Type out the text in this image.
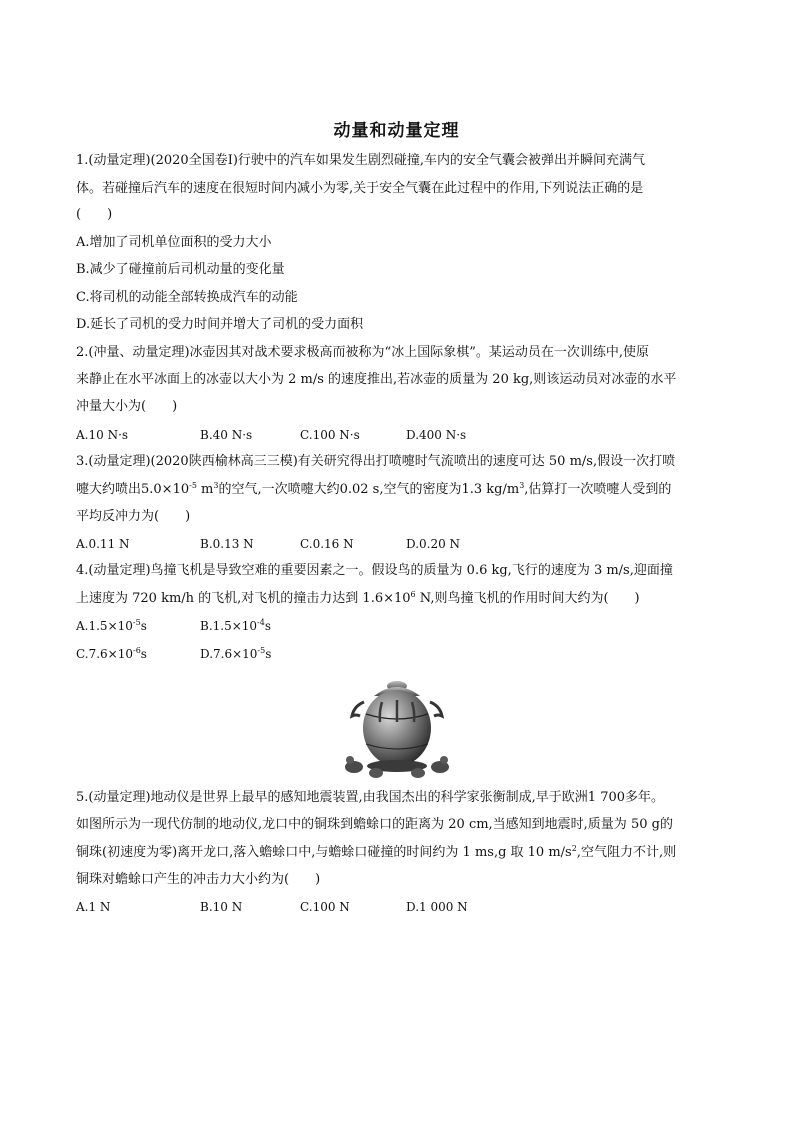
动量和动量定理
1.(动量定理)(2020全国卷Ⅰ)行驶中的汽车如果发生剧烈碰撞,车内的安全气囊会被弹出并瞬间充满气
体。若碰撞后汽车的速度在很短时间内减小为零,关于安全气囊在此过程中的作用,下列说法正确的是
(　　)
A.增加了司机单位面积的受力大小
B.减少了碰撞前后司机动量的变化量
C.将司机的动能全部转换成汽车的动能
D.延长了司机的受力时间并增大了司机的受力面积
2.(冲量、动量定理)冰壶因其对战术要求极高而被称为“冰上国际象棋”。某运动员在一次训练中,使原
来静止在水平冰面上的冰壶以大小为 2 m/s 的速度推出,若冰壶的质量为 20 kg,则该运动员对冰壶的水平
冲量大小为(　　)
A.10 N·s	B.40 N·s	C.100 N·s	D.400 N·s
3.(动量定理)(2020陕西榆林高三三模)有关研究得出打喷嚏时气流喷出的速度可达 50 m/s,假设一次打喷
嚏大约喷出$5.0\times 10^{-5}$ $m^3$的空气,一次喷嚏大约0.02 s,空气的密度为1.3 $kg/m^3$,估算打一次喷嚏人受到的
平均反冲力为(　　)
A.0.11 N	B.0.13 N	C.0.16 N	D.0.20 N
4.(动量定理)鸟撞飞机是导致空难的重要因素之一。假设鸟的质量为 0.6 kg,飞行的速度为 3 m/s,迎面撞
上速度为 720 km/h 的飞机,对飞机的撞击力达到 $1.6\times 10^6$ N,则鸟撞飞机的作用时间大约为(　　)
$A.1.5\times 10^{-5}s$	$B.1.5\times 10^{-4}s$
$C.7.6\times 10^{-6}s$	$D.7.6\times 10^{-5}s$
5.(动量定理)地动仪是世界上最早的感知地震装置,由我国杰出的科学家张衡制成,早于欧洲1 700多年。
如图所示为一现代仿制的地动仪,龙口中的铜珠到蟾蜍口的距离为 20 cm,当感知到地震时,质量为 50 g的
铜珠(初速度为零)离开龙口,落入蟾蜍口中,与蟾蜍口碰撞的时间约为 1 ms,g 取 10 $m/s^2$,空气阻力不计,则
铜珠对蟾蜍口产生的冲击力大小约为(　　)
A.1 N	B.10 N	C.100 N	D.1 000 N
